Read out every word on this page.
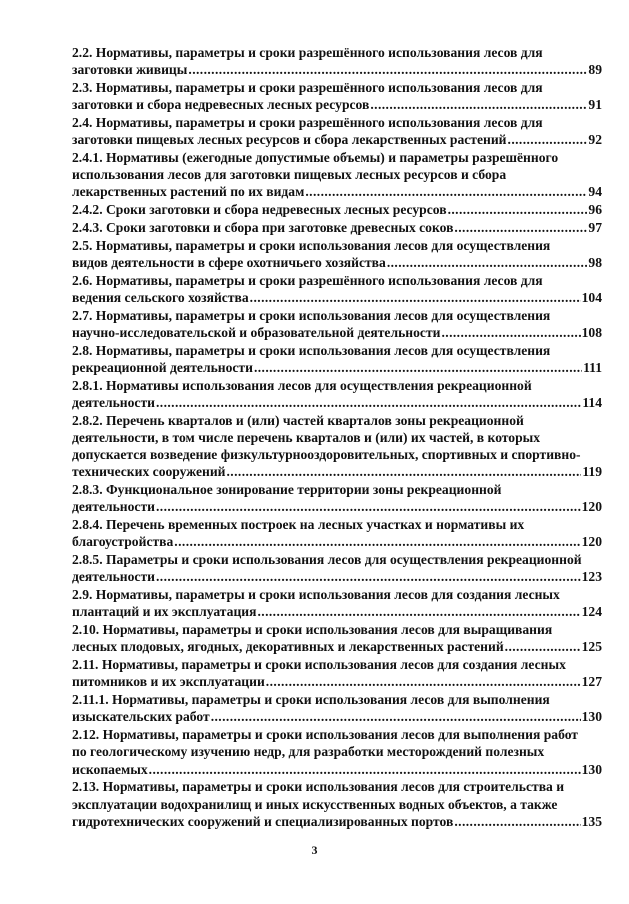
2.2. Нормативы, параметры и сроки разрешённого использования лесов для
заготовки живицы .....	89
2.3. Нормативы, параметры и сроки разрешённого использования лесов для
заготовки и сбора недревесных лесных ресурсов .....	91
2.4. Нормативы, параметры и сроки разрешённого использования лесов для
заготовки пищевых лесных ресурсов и сбора лекарственных растений .....	92
2.4.1. Нормативы (ежегодные допустимые объемы) и параметры разрешённого
использования лесов для заготовки пищевых лесных ресурсов и сбора
лекарственных растений по их видам .....	94
2.4.2. Сроки заготовки и сбора недревесных лесных ресурсов .....	96
2.4.3. Сроки заготовки и сбора при заготовке древесных соков .....	97
2.5. Нормативы, параметры и сроки использования лесов для осуществления
видов деятельности в сфере охотничьего хозяйства .....	98
2.6. Нормативы, параметры и сроки разрешённого использования лесов для
ведения сельского хозяйства .....	104
2.7. Нормативы, параметры и сроки использования лесов для осуществления
научно-исследовательской и образовательной деятельности .....	108
2.8. Нормативы, параметры и сроки использования лесов для осуществления
рекреационной деятельности .....	111
2.8.1. Нормативы использования лесов для осуществления рекреационной
деятельности .....	114
2.8.2. Перечень кварталов и (или) частей кварталов зоны рекреационной
деятельности, в том числе перечень кварталов и (или) их частей, в которых
допускается возведение физкультурнооздоровительных, спортивных и спортивно-
технических сооружений .....	119
2.8.3. Функциональное зонирование территории зоны рекреационной
деятельности .....	120
2.8.4. Перечень временных построек на лесных участках и нормативы их
благоустройства .....	120
2.8.5. Параметры и сроки использования лесов для осуществления рекреационной
деятельности .....	123
2.9. Нормативы, параметры и сроки использования лесов для создания лесных
плантаций и их эксплуатация .....	124
2.10. Нормативы, параметры и сроки использования лесов для выращивания
лесных плодовых, ягодных, декоративных и лекарственных растений .....	125
2.11. Нормативы, параметры и сроки использования лесов для создания лесных
питомников и их эксплуатации .....	127
2.11.1. Нормативы, параметры и сроки использования лесов для выполнения
изыскательских работ .....	130
2.12. Нормативы, параметры и сроки использования лесов для выполнения работ
по геологическому изучению недр, для разработки месторождений полезных
ископаемых .....	130
2.13. Нормативы, параметры и сроки использования лесов для строительства и
эксплуатации водохранилищ и иных искусственных водных объектов, а также
гидротехнических сооружений и специализированных портов .....	135
3
